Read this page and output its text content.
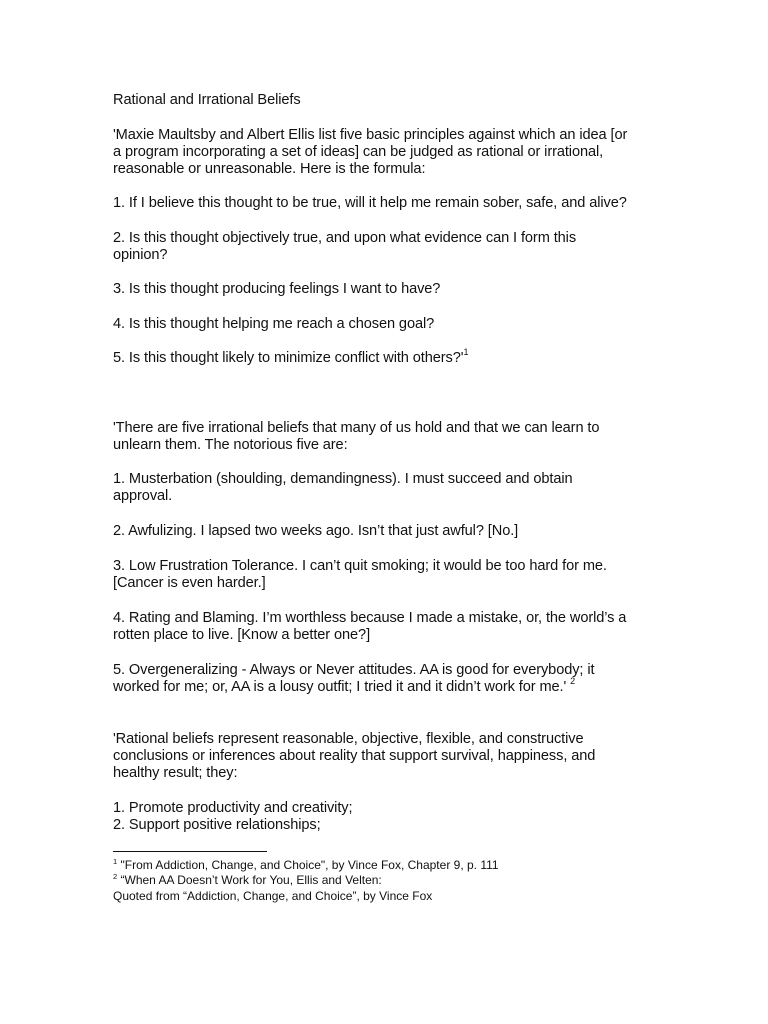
Rational and Irrational Beliefs
'Maxie Maultsby and Albert Ellis list five basic principles against which an idea [or
a program incorporating a set of ideas] can be judged as rational or irrational,
reasonable or unreasonable. Here is the formula:
1. If I believe this thought to be true, will it help me remain sober, safe, and alive?
2. Is this thought objectively true, and upon what evidence can I form this
opinion?
3. Is this thought producing feelings I want to have?
4. Is this thought helping me reach a chosen goal?
5. Is this thought likely to minimize conflict with $others?'^1$
'There are five irrational beliefs that many of us hold and that we can learn to
unlearn them. The notorious five are:
1. Musterbation (shoulding, demandingness). I must succeed and obtain
approval.
2. Awfulizing. I lapsed two weeks ago. Isn’t that just awful? [No.]
3. Low Frustration Tolerance. I can’t quit smoking; it would be too hard for me.
[Cancer is even harder.]
4. Rating and Blaming. I’m worthless because I made a mistake, or, the world’s a
rotten place to live. [Know a better one?]
5. Overgeneralizing - Always or Never attitudes. AA is good for everybody; it
worked for me; or, AA is a lousy outfit; I tried it and it didn’t work for me.' $^2$
'Rational beliefs represent reasonable, objective, flexible, and constructive
conclusions or inferences about reality that support survival, happiness, and
healthy result; they:
1. Promote productivity and creativity;
2. Support positive relationships;
$^1$ "From Addiction, Change, and Choice", by Vince Fox, Chapter 9, p. 111
$^2$ “When AA Doesn’t Work for You, Ellis and Velten:
Quoted from “Addiction, Change, and Choice”, by Vince Fox
